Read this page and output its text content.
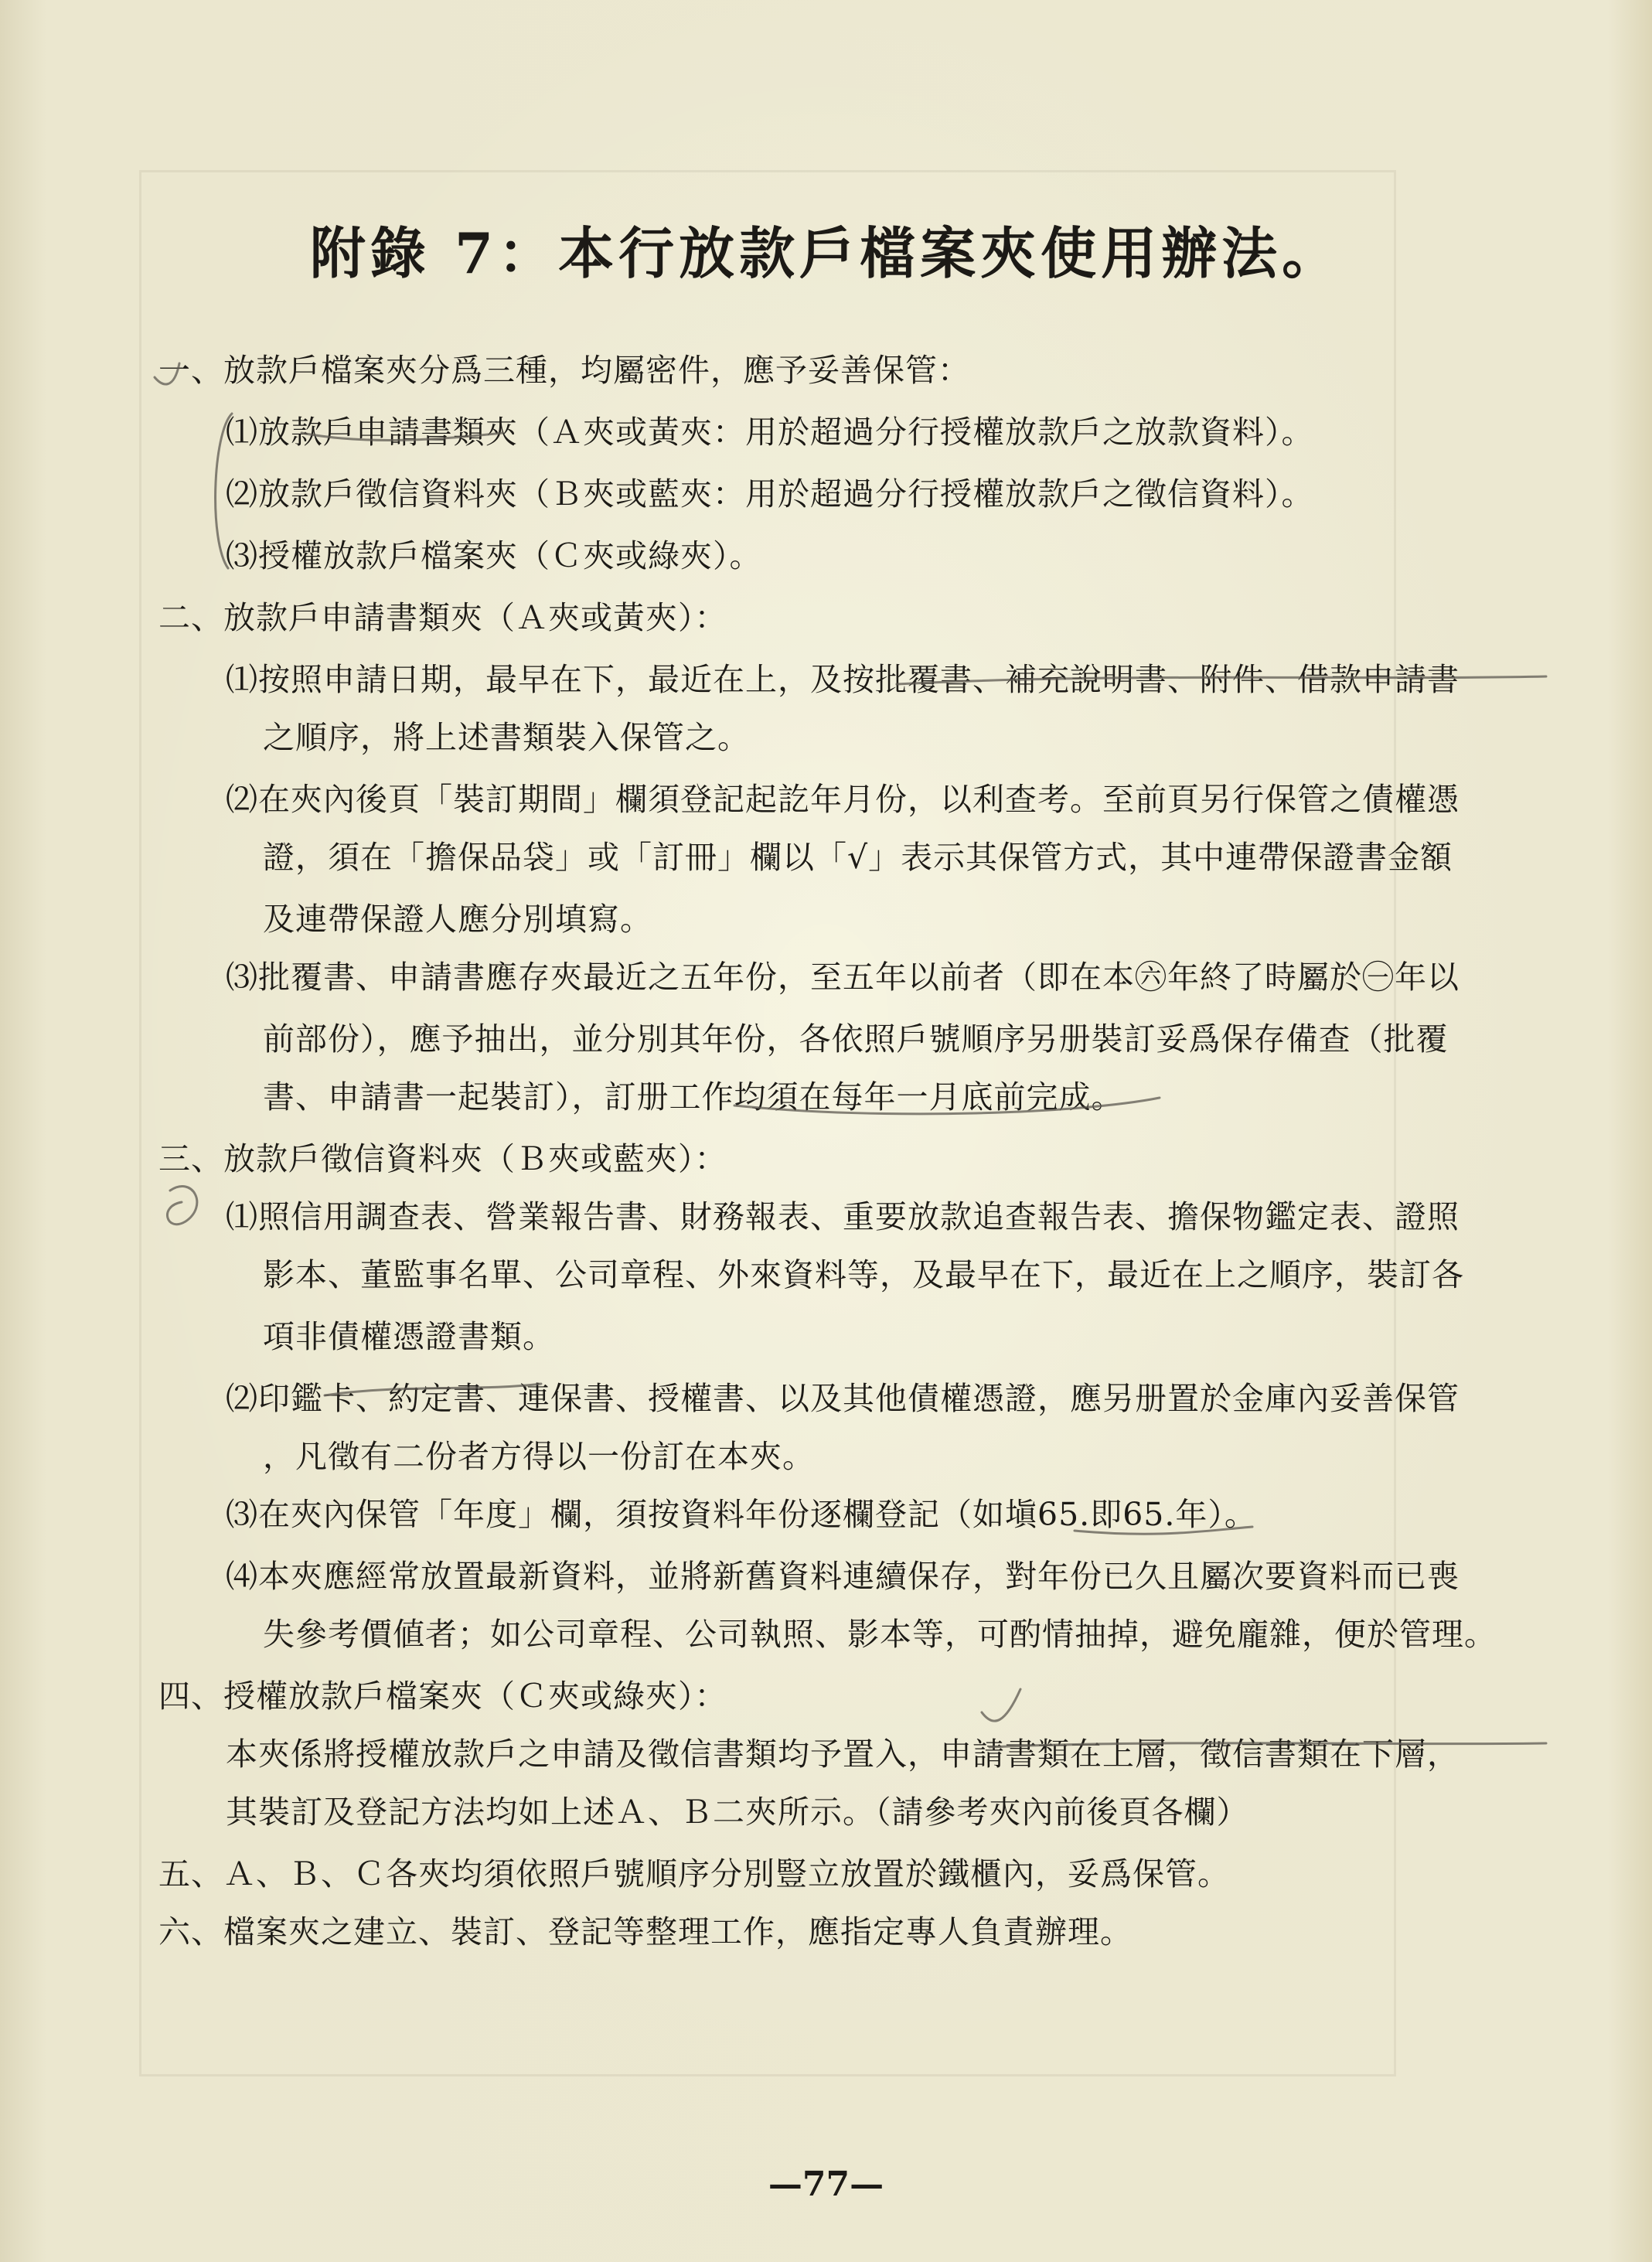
附錄 7：本行放款戶檔案夾使用辦法。
一、放款戶檔案夾分爲三種，均屬密件，應予妥善保管：
⑴放款戶申請書類夾（Ａ夾或黃夾：用於超過分行授權放款戶之放款資料）。
⑵放款戶徵信資料夾（Ｂ夾或藍夾：用於超過分行授權放款戶之徵信資料）。
⑶授權放款戶檔案夾（Ｃ夾或綠夾）。
二、放款戶申請書類夾（Ａ夾或黃夾）：
⑴按照申請日期，最早在下，最近在上，及按批覆書、補充說明書、附件、借款申請書
之順序，將上述書類裝入保管之。
⑵在夾內後頁「裝訂期間」欄須登記起訖年月份，以利查考。至前頁另行保管之債權憑
證，須在「擔保品袋」或「訂冊」欄以「√」表示其保管方式，其中連帶保證書金額
及連帶保證人應分別填寫。
⑶批覆書、申請書應存夾最近之五年份，至五年以前者（即在本㊅年終了時屬於㊀年以
前部份），應予抽出，並分別其年份，各依照戶號順序另册裝訂妥爲保存備查（批覆
書、申請書一起裝訂），訂册工作均須在每年一月底前完成。
三、放款戶徵信資料夾（Ｂ夾或藍夾）：
⑴照信用調查表、營業報告書、財務報表、重要放款追查報告表、擔保物鑑定表、證照
影本、董監事名單、公司章程、外來資料等，及最早在下，最近在上之順序，裝訂各
項非債權憑證書類。
⑵印鑑卡、約定書、連保書、授權書、以及其他債權憑證，應另册置於金庫內妥善保管
，凡徵有二份者方得以一份訂在本夾。
⑶在夾內保管「年度」欄，須按資料年份逐欄登記（如塡65.即65.年）。
⑷本夾應經常放置最新資料，並將新舊資料連續保存，對年份已久且屬次要資料而已喪
失參考價値者；如公司章程、公司執照、影本等，可酌情抽掉，避免龐雜，便於管理。
四、授權放款戶檔案夾（Ｃ夾或綠夾）：
本夾係將授權放款戶之申請及徵信書類均予置入，申請書類在上層，徵信書類在下層，
其裝訂及登記方法均如上述Ａ、Ｂ二夾所示。（請參考夾內前後頁各欄）
五、Ａ、Ｂ、Ｃ各夾均須依照戶號順序分別豎立放置於鐵櫃內，妥爲保管。
六、檔案夾之建立、裝訂、登記等整理工作，應指定專人負責辦理。
—77—
